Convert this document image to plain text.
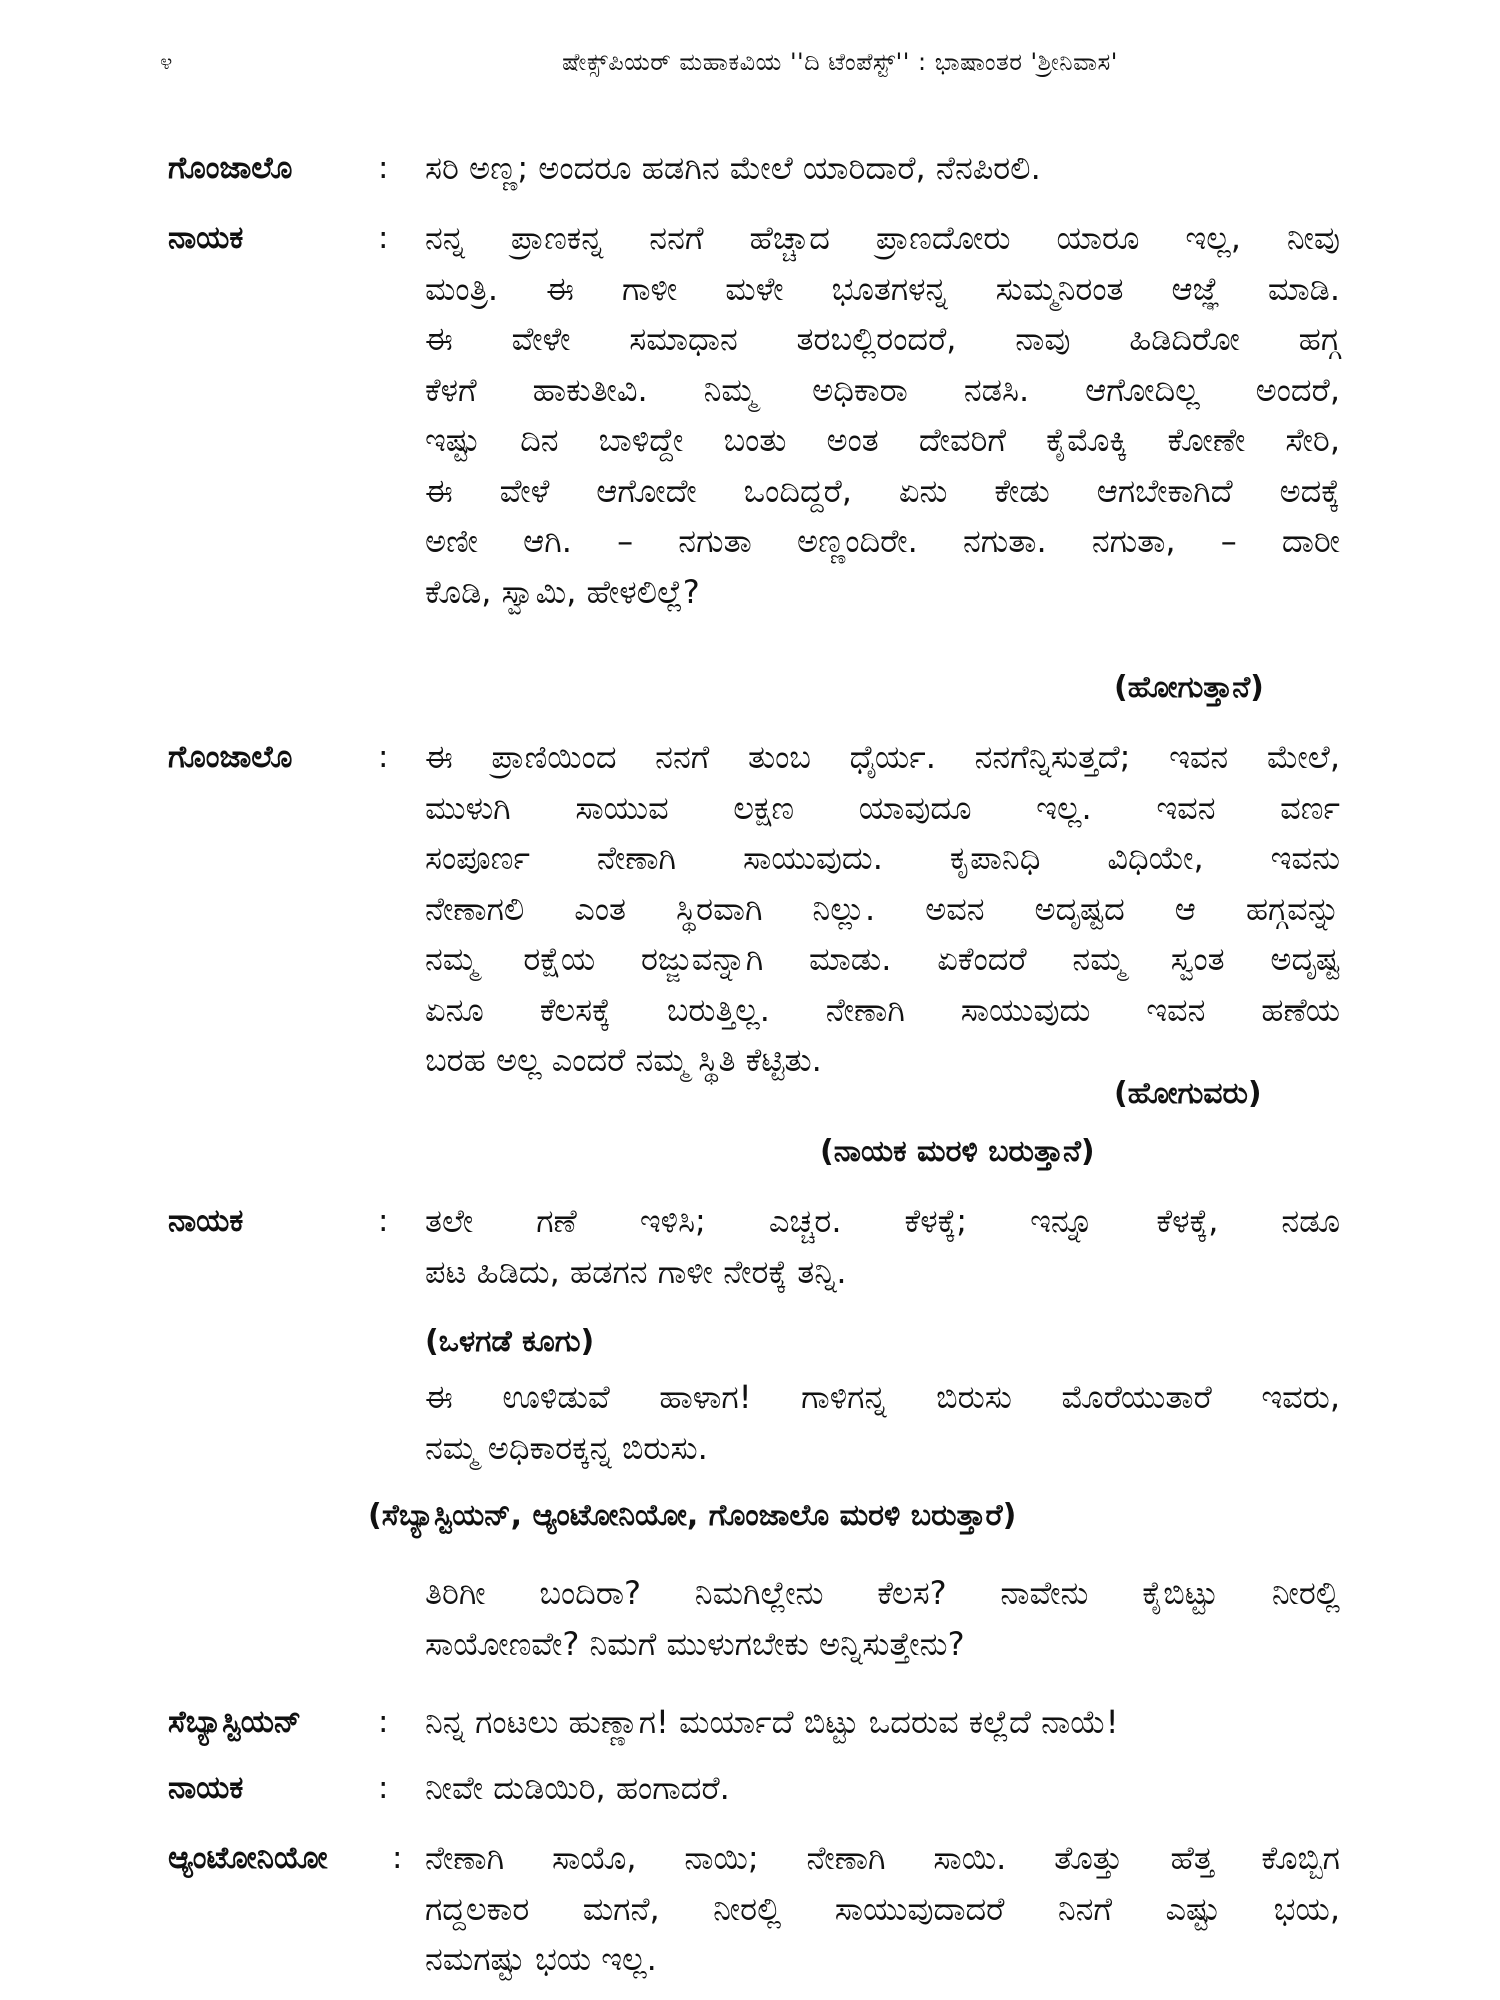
೪	ಷೇಕ್ಸ್‌ಪಿಯರ್ ಮಹಾಕವಿಯ ''ದಿ ಟೆಂಪೆಸ್ಟ್'' : ಭಾಷಾಂತರ 'ಶ್ರೀನಿವಾಸ'
ಗೊಂಜಾಲೊ	: ಸರಿ ಅಣ್ಣ; ಅಂದರೂ ಹಡಗಿನ ಮೇಲೆ ಯಾರಿದಾರೆ, ನೆನಪಿರಲಿ.
ನಾಯಕ	: ನನ್ನ ಪ್ರಾಣಕನ್ನ ನನಗೆ ಹೆಚ್ಚಾದ ಪ್ರಾಣದೋರು ಯಾರೂ ಇಲ್ಲ, ನೀವು
ಮಂತ್ರಿ. ಈ ಗಾಳೀ ಮಳೇ ಭೂತಗಳನ್ನ ಸುಮ್ಮನಿರಂತ ಆಜ್ಞೆ ಮಾಡಿ.
ಈ ವೇಳೇ ಸಮಾಧಾನ ತರಬಲ್ಲಿರಂದರೆ, ನಾವು ಹಿಡಿದಿರೋ ಹಗ್ಗ
ಕೆಳಗೆ ಹಾಕುತೀವಿ. ನಿಮ್ಮ ಅಧಿಕಾರಾ ನಡಸಿ. ಆಗೋದಿಲ್ಲ ಅಂದರೆ,
ಇಷ್ಟು ದಿನ ಬಾಳಿದ್ದೇ ಬಂತು ಅಂತ ದೇವರಿಗೆ ಕೈಮೊಕ್ಕಿ ಕೋಣೇ ಸೇರಿ,
ಈ ವೇಳೆ ಆಗೋದೇ ಒಂದಿದ್ದರೆ, ಏನು ಕೇಡು ಆಗಬೇಕಾಗಿದೆ ಅದಕ್ಕೆ
ಅಣೀ ಆಗಿ. – ನಗುತಾ ಅಣ್ಣಂದಿರೇ. ನಗುತಾ. ನಗುತಾ, – ದಾರೀ
ಕೊಡಿ, ಸ್ವಾಮಿ, ಹೇಳಲಿಲ್ಲೆ?
(ಹೋಗುತ್ತಾನೆ)
ಗೊಂಜಾಲೊ	: ಈ ಪ್ರಾಣಿಯಿಂದ ನನಗೆ ತುಂಬ ಧೈರ್ಯ. ನನಗೆನ್ನಿಸುತ್ತದೆ; ಇವನ ಮೇಲೆ,
ಮುಳುಗಿ ಸಾಯುವ ಲಕ್ಷಣ ಯಾವುದೂ ಇಲ್ಲ. ಇವನ ವರ್ಣ
ಸಂಪೂರ್ಣ ನೇಣಾಗಿ ಸಾಯುವುದು. ಕೃಪಾನಿಧಿ ವಿಧಿಯೇ, ಇವನು
ನೇಣಾಗಲಿ ಎಂತ ಸ್ಥಿರವಾಗಿ ನಿಲ್ಲು. ಅವನ ಅದೃಷ್ಟದ ಆ ಹಗ್ಗವನ್ನು
ನಮ್ಮ ರಕ್ಷೆಯ ರಜ್ಜುವನ್ನಾಗಿ ಮಾಡು. ಏಕೆಂದರೆ ನಮ್ಮ ಸ್ವಂತ ಅದೃಷ್ಟ
ಏನೂ ಕೆಲಸಕ್ಕೆ ಬರುತ್ತಿಲ್ಲ. ನೇಣಾಗಿ ಸಾಯುವುದು ಇವನ ಹಣೆಯ
ಬರಹ ಅಲ್ಲ ಎಂದರೆ ನಮ್ಮ ಸ್ಥಿತಿ ಕೆಟ್ಟಿತು.
(ಹೋಗುವರು)
(ನಾಯಕ ಮರಳಿ ಬರುತ್ತಾನೆ)
ನಾಯಕ	: ತಲೇ ಗಣೆ ಇಳಿಸಿ; ಎಚ್ಚರ. ಕೆಳಕ್ಕೆ; ಇನ್ನೂ ಕೆಳಕ್ಕೆ, ನಡೂ
ಪಟ ಹಿಡಿದು, ಹಡಗನ ಗಾಳೀ ನೇರಕ್ಕೆ ತನ್ನಿ.
(ಒಳಗಡೆ ಕೂಗು)
ಈ ಊಳಿಡುವೆ ಹಾಳಾಗ! ಗಾಳಿಗನ್ನ ಬಿರುಸು ಮೊರೆಯುತಾರೆ ಇವರು,
ನಮ್ಮ ಅಧಿಕಾರಕ್ಕನ್ನ ಬಿರುಸು.
(ಸೆಬ್ಯಾಸ್ಟಿಯನ್, ಆ್ಯಂಟೋನಿಯೋ, ಗೊಂಜಾಲೊ ಮರಳಿ ಬರುತ್ತಾರೆ)
ತಿರಿಗೀ ಬಂದಿರಾ? ನಿಮಗಿಲ್ಲೇನು ಕೆಲಸ? ನಾವೇನು ಕೈಬಿಟ್ಟು ನೀರಲ್ಲಿ
ಸಾಯೋಣವೇ? ನಿಮಗೆ ಮುಳುಗಬೇಕು ಅನ್ನಿಸುತ್ತೇನು?
ಸೆಬ್ಯಾಸ್ಟಿಯನ್ : ನಿನ್ನ ಗಂಟಲು ಹುಣ್ಣಾಗ! ಮರ್ಯಾದೆ ಬಿಟ್ಟು ಒದರುವ ಕಲ್ಲೆದೆ ನಾಯೆ!
ನಾಯಕ	: ನೀವೇ ದುಡಿಯಿರಿ, ಹಂಗಾದರೆ.
ಆ್ಯಂಟೋನಿಯೋ : ನೇಣಾಗಿ ಸಾಯೊ, ನಾಯಿ; ನೇಣಾಗಿ ಸಾಯಿ. ತೊತ್ತು ಹೆತ್ತ ಕೊಬ್ಬಿಗ
ಗದ್ದಲಕಾರ ಮಗನೆ, ನೀರಲ್ಲಿ ಸಾಯುವುದಾದರೆ ನಿನಗೆ ಎಷ್ಟು ಭಯ,
ನಮಗಷ್ಟು ಭಯ ಇಲ್ಲ.
